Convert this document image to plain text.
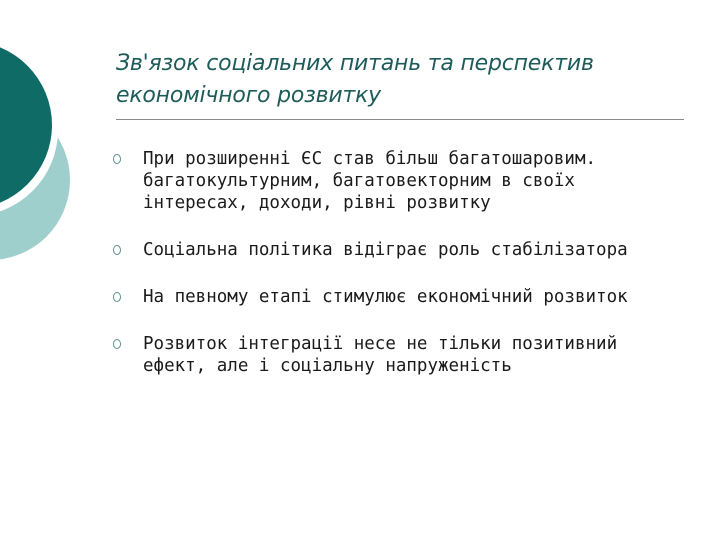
Зв'язок соціальних питань та перспектив економічного розвитку
При розширенні ЄС став більш багатошаровим. багатокультурним, багатовекторним в своїх інтересах, доходи, рівні розвитку
Соціальна політика відіграє роль стабілізатора
На певному етапі стимулює економічний розвиток
Розвиток інтеграції несе не тільки позитивний ефект, але і соціальну напруженість
